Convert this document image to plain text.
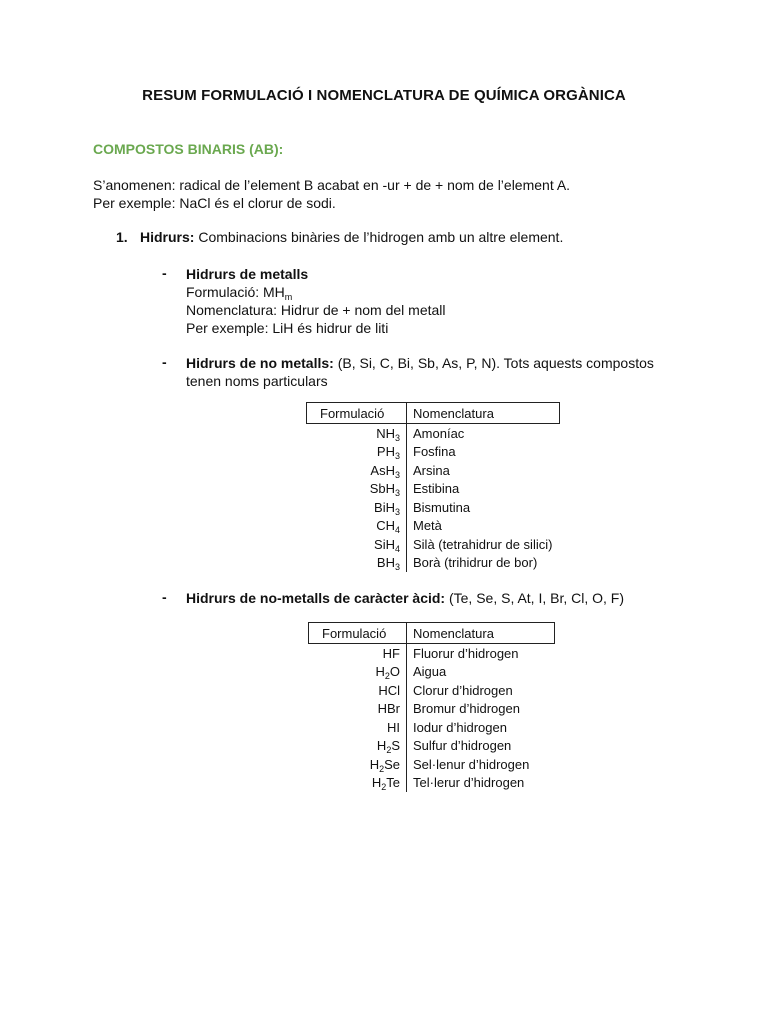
RESUM FORMULACIÓ I NOMENCLATURA DE QUÍMICA ORGÀNICA
COMPOSTOS BINARIS (AB):
S’anomenen: radical de l’element B acabat en -ur + de + nom de l’element A.
Per exemple: NaCl és el clorur de sodi.
1. Hidrurs: Combinacions binàries de l’hidrogen amb un altre element.
- Hidrurs de metalls
Formulació: $MH_m$
Nomenclatura: Hidrur de + nom del metall
Per exemple: LiH és hidrur de liti
- Hidrurs de no metalls: (B, Si, C, Bi, Sb, As, P, N). Tots aquests compostos
tenen noms particulars
Formulació	Nomenclatura
$NH_3$	Amoníac
$PH_3$	Fosfina
AsH$_3$	Arsina
SbH$_3$	Estibina
BiH$_3$	Bismutina
$CH_4$	Metà
SiH$_4$	Silà (tetrahidrur de silici)
$BH_3$	Borà (trihidrur de bor)
- Hidrurs de no-metalls de caràcter àcid: (Te, Se, S, At, I, Br, Cl, O, F)
Formulació	Nomenclatura
HF	Fluorur d’hidrogen
$H_2O$	Aigua
HCl	Clorur d’hidrogen
HBr	Bromur d’hidrogen
HI	Iodur d’hidrogen
$H_2S$	Sulfur d’hidrogen
$H_2Se$	Sel·lenur d’hidrogen
$H_2Te$	Tel·lerur d’hidrogen
